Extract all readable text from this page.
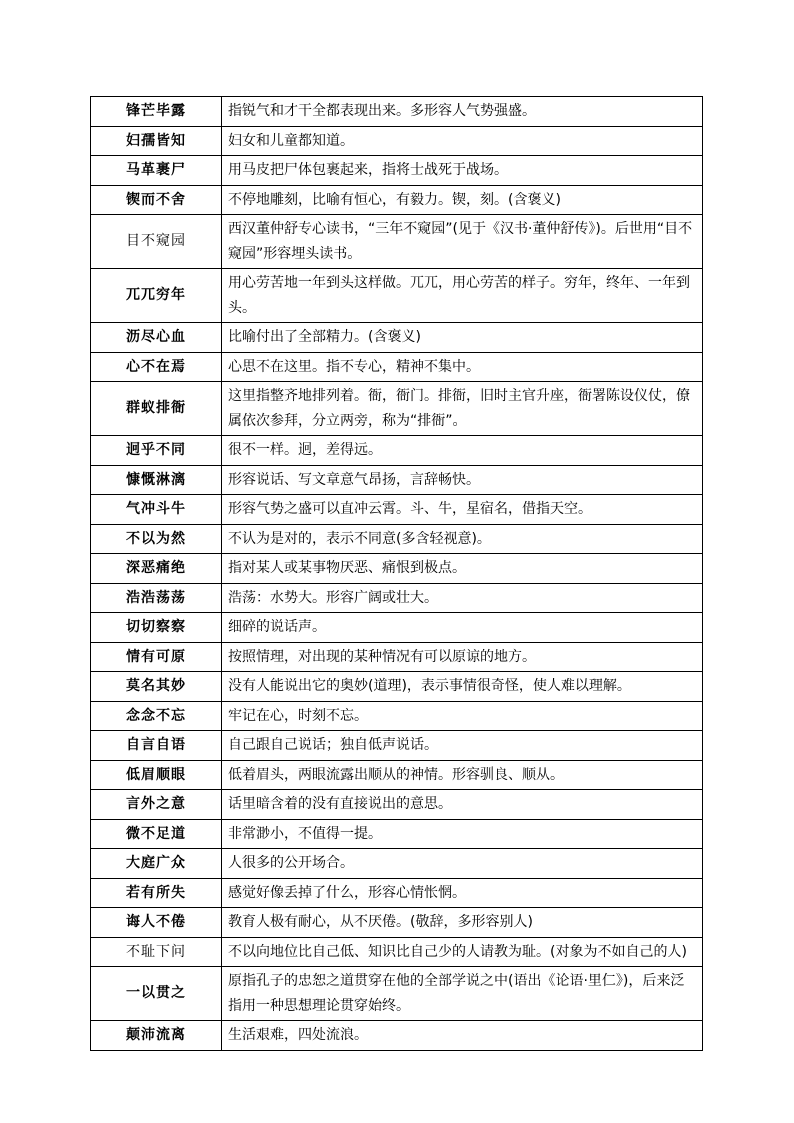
锋芒毕露	指锐气和才干全都表现出来。多形容人气势强盛。
妇孺皆知	妇女和儿童都知道。
马革裹尸	用马皮把尸体包裹起来，指将士战死于战场。
锲而不舍	不停地雕刻，比喻有恒心，有毅力。锲，刻。(含褒义)
目不窥园	西汉董仲舒专心读书，“三年不窥园”(见于《汉书·董仲舒传》)。后世用“目不窥园”形容埋头读书。
兀兀穷年	用心劳苦地一年到头这样做。兀兀，用心劳苦的样子。穷年，终年、一年到头。
沥尽心血	比喻付出了全部精力。(含褒义)
心不在焉	心思不在这里。指不专心，精神不集中。
群蚁排衙	这里指整齐地排列着。衙，衙门。排衙，旧时主官升座，衙署陈设仪仗，僚属依次参拜，分立两旁，称为“排衙”。
迥乎不同	很不一样。迥，差得远。
慷慨淋漓	形容说话、写文章意气昂扬，言辞畅快。
气冲斗牛	形容气势之盛可以直冲云霄。斗、牛，星宿名，借指天空。
不以为然	不认为是对的，表示不同意(多含轻视意)。
深恶痛绝	指对某人或某事物厌恶、痛恨到极点。
浩浩荡荡	浩荡：水势大。形容广阔或壮大。
切切察察	细碎的说话声。
情有可原	按照情理，对出现的某种情况有可以原谅的地方。
莫名其妙	没有人能说出它的奥妙(道理)，表示事情很奇怪，使人难以理解。
念念不忘	牢记在心，时刻不忘。
自言自语	自己跟自己说话；独自低声说话。
低眉顺眼	低着眉头，两眼流露出顺从的神情。形容驯良、顺从。
言外之意	话里暗含着的没有直接说出的意思。
微不足道	非常渺小，不值得一提。
大庭广众	人很多的公开场合。
若有所失	感觉好像丢掉了什么，形容心情怅惘。
诲人不倦	教育人极有耐心，从不厌倦。(敬辞，多形容别人)
不耻下问	不以向地位比自己低、知识比自己少的人请教为耻。(对象为不如自己的人)
一以贯之	原指孔子的忠恕之道贯穿在他的全部学说之中(语出《论语·里仁》)，后来泛指用一种思想理论贯穿始终。
颠沛流离	生活艰难，四处流浪。
